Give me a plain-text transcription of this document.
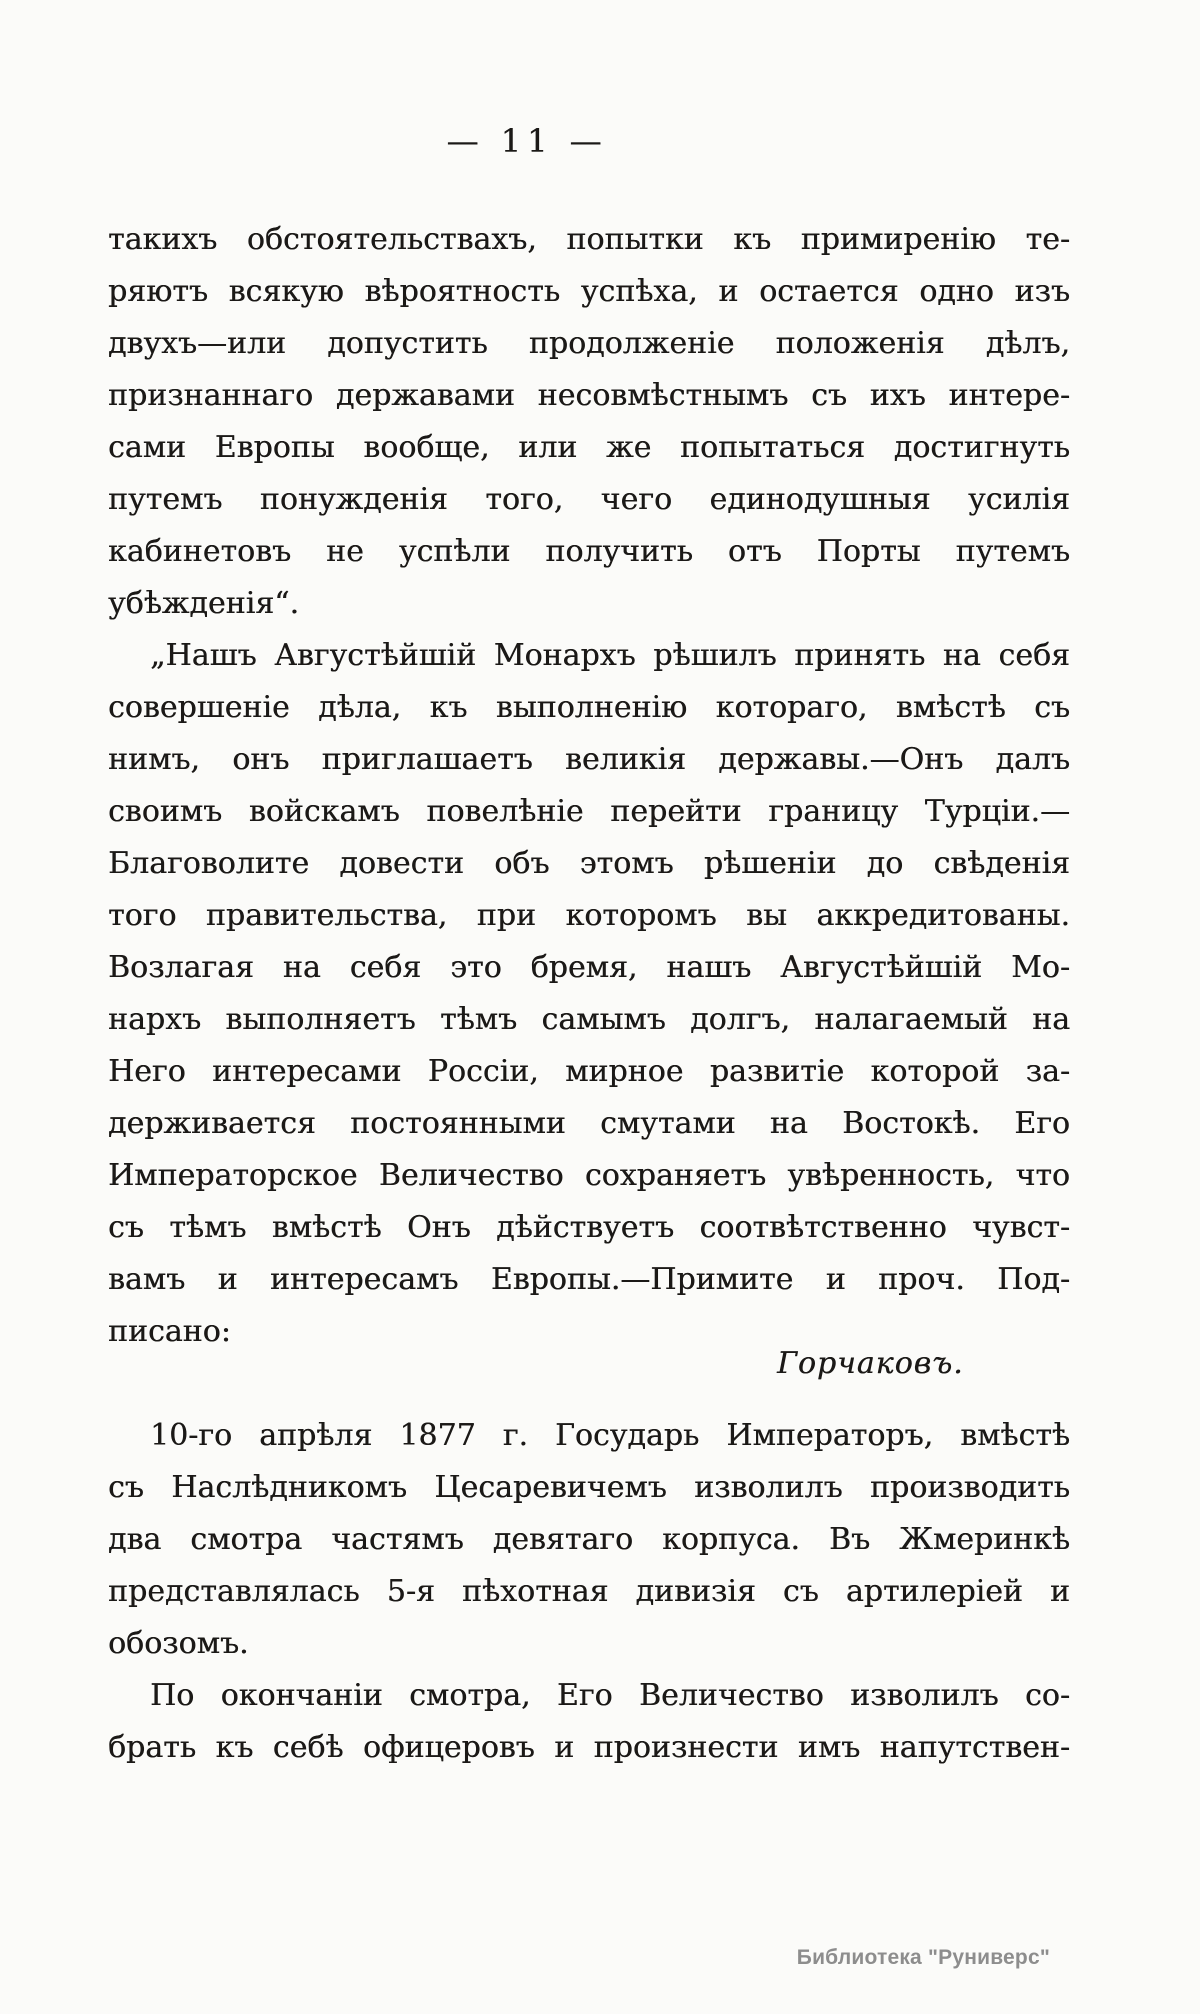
— 11 —
такихъ обстоятельствахъ, попытки къ примиренію те-
ряютъ всякую вѣроятность успѣха, и остается одно изъ
двухъ—или допустить продолженіе положенія дѣлъ,
признаннаго державами несовмѣстнымъ съ ихъ интере-
сами Европы вообще, или же попытаться достигнуть
путемъ понужденія того, чего единодушныя усилія
кабинетовъ не успѣли получить отъ Порты путемъ
убѣжденія“.
„Нашъ Августѣйшій Монархъ рѣшилъ принять на себя
совершеніе дѣла, къ выполненію котораго, вмѣстѣ съ
нимъ, онъ приглашаетъ великія державы.—Онъ далъ
своимъ войскамъ повелѣніе перейти границу Турціи.—
Благоволите довести объ этомъ рѣшеніи до свѣденія
того правительства, при которомъ вы аккредитованы.
Возлагая на себя это бремя, нашъ Августѣйшій Мо-
нархъ выполняетъ тѣмъ самымъ долгъ, налагаемый на
Него интересами Россіи, мирное развитіе которой за-
держивается постоянными смутами на Востокѣ. Его
Императорское Величество сохраняетъ увѣренность, что
съ тѣмъ вмѣстѣ Онъ дѣйствуетъ соотвѣтственно чувст-
вамъ и интересамъ Европы.—Примите и проч. Под-
писано:
Горчаковъ.
10-го апрѣля 1877 г. Государь Императоръ, вмѣстѣ
съ Наслѣдникомъ Цесаревичемъ изволилъ производить
два смотра частямъ девятаго корпуса. Въ Жмеринкѣ
представлялась 5-я пѣхотная дивизія съ артилеріей и
обозомъ.
По окончаніи смотра, Его Величество изволилъ со-
брать къ себѣ офицеровъ и произнести имъ напутствен-
Библиотека "Руниверс"
